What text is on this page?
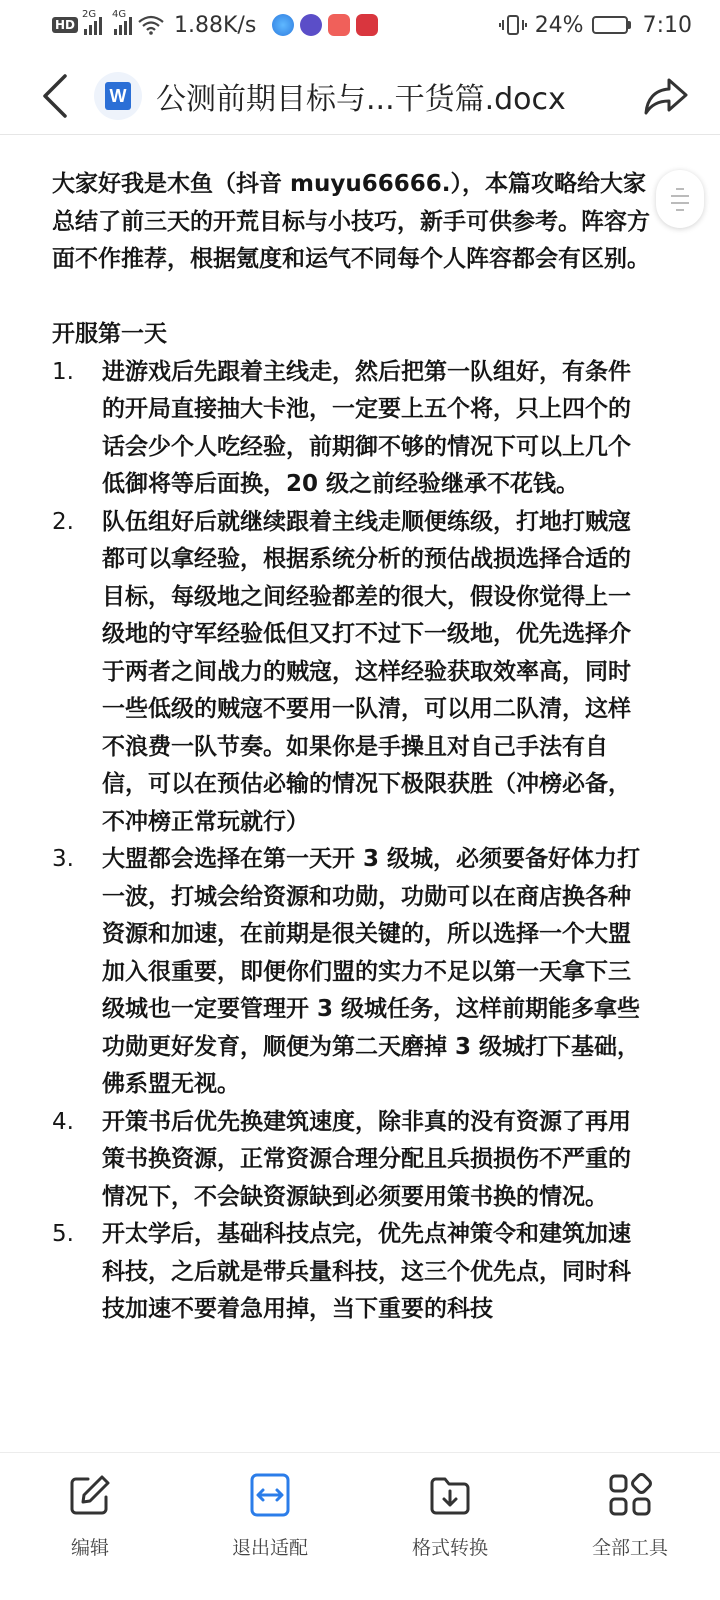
HD
2G 4G 1.88K/s	24%	7:10
W 公测前期目标与...干货篇.docx

大家好我是木鱼（抖音 muyu66666.），本篇攻略给大家总结了前三天的开荒目标与小技巧，新手可供参考。阵容方面不作推荐，根据氪度和运气不同每个人阵容都会有区别。

开服第一天

1.	进游戏后先跟着主线走，然后把第一队组好，有条件的开局直接抽大卡池，一定要上五个将，只上四个的话会少个人吃经验，前期御不够的情况下可以上几个低御将等后面换，20 级之前经验继承不花钱。
2.	队伍组好后就继续跟着主线走顺便练级，打地打贼寇都可以拿经验，根据系统分析的预估战损选择合适的目标，每级地之间经验都差的很大，假设你觉得上一级地的守军经验低但又打不过下一级地，优先选择介于两者之间战力的贼寇，这样经验获取效率高，同时一些低级的贼寇不要用一队清，可以用二队清，这样不浪费一队节奏。如果你是手操且对自己手法有自信，可以在预估必输的情况下极限获胜（冲榜必备，不冲榜正常玩就行）
3.	大盟都会选择在第一天开 3 级城，必须要备好体力打一波，打城会给资源和功勋，功勋可以在商店换各种资源和加速，在前期是很关键的，所以选择一个大盟加入很重要，即便你们盟的实力不足以第一天拿下三级城也一定要管理开 3 级城任务，这样前期能多拿些功勋更好发育，顺便为第二天磨掉 3 级城打下基础，佛系盟无视。
4.	开策书后优先换建筑速度，除非真的没有资源了再用策书换资源，正常资源合理分配且兵损损伤不严重的情况下，不会缺资源缺到必须要用策书换的情况。
5.	开太学后，基础科技点完，优先点神策令和建筑加速科技，之后就是带兵量科技，这三个优先点，同时科技加速不要着急用掉，当下重要的科技
编辑	退出适配	格式转换	全部工具
